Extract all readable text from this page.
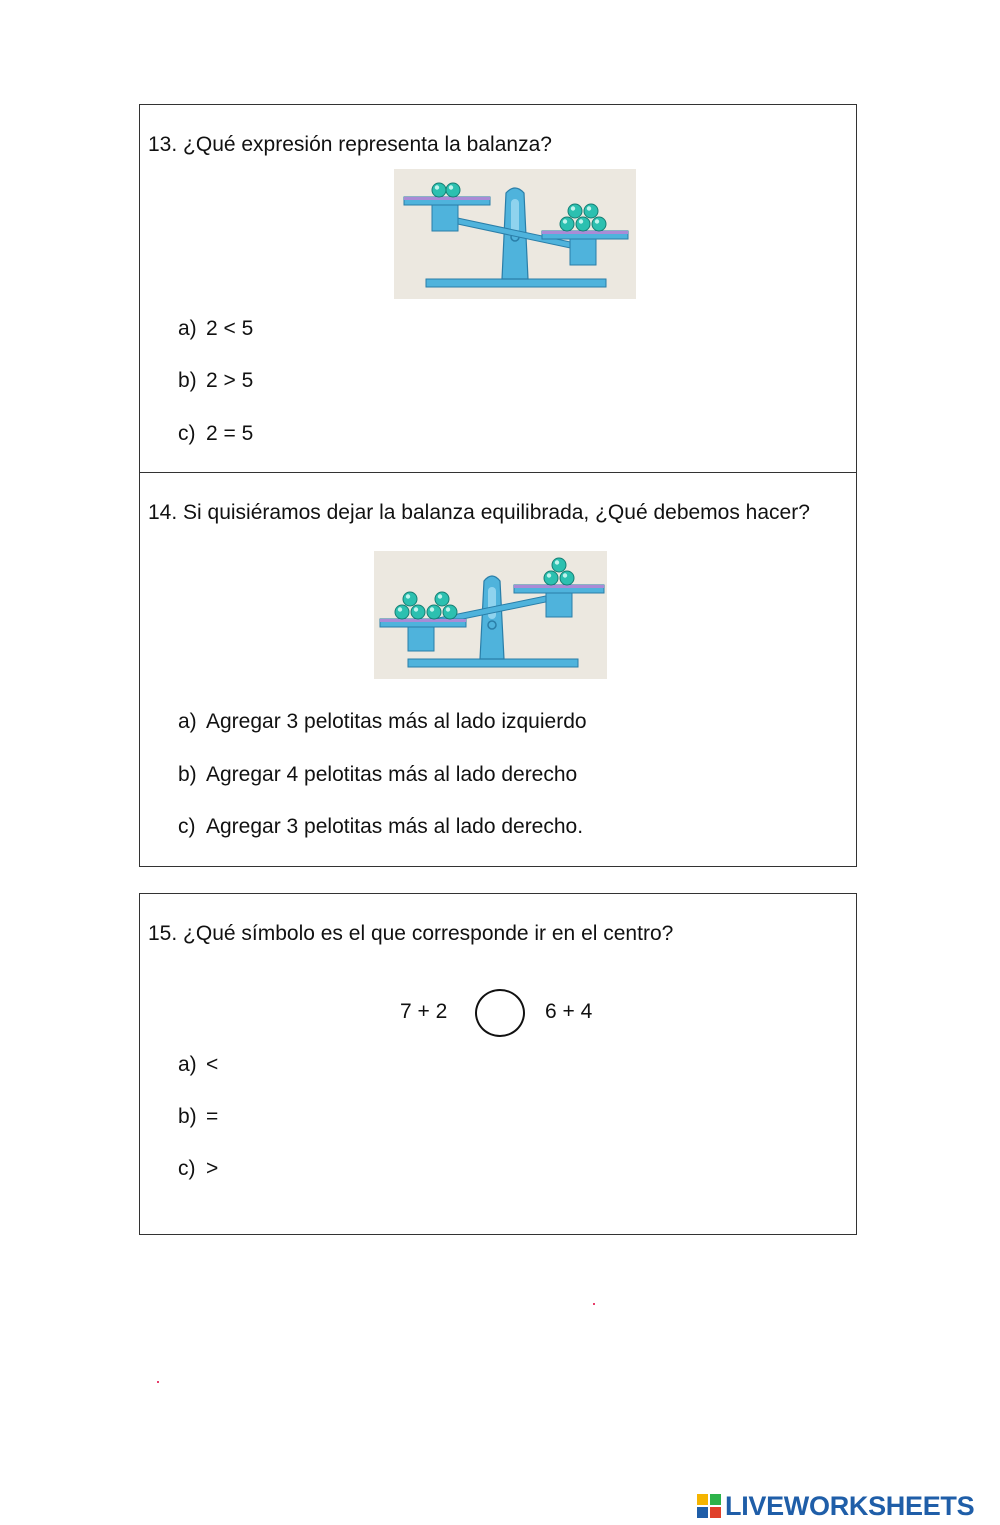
13. ¿Qué expresión representa la balanza?

a) 2 < 5
b) 2 > 5
c) 2 = 5

14. Si quisiéramos dejar la balanza equilibrada, ¿Qué debemos hacer?

a) Agregar 3 pelotitas más al lado izquierdo
b) Agregar 4 pelotitas más al lado derecho
c) Agregar 3 pelotitas más al lado derecho.

15. ¿Qué símbolo es el que corresponde ir en el centro?

7 + 2	6 + 4
a) <
b) =
c) >
LIVEWORKSHEETS
